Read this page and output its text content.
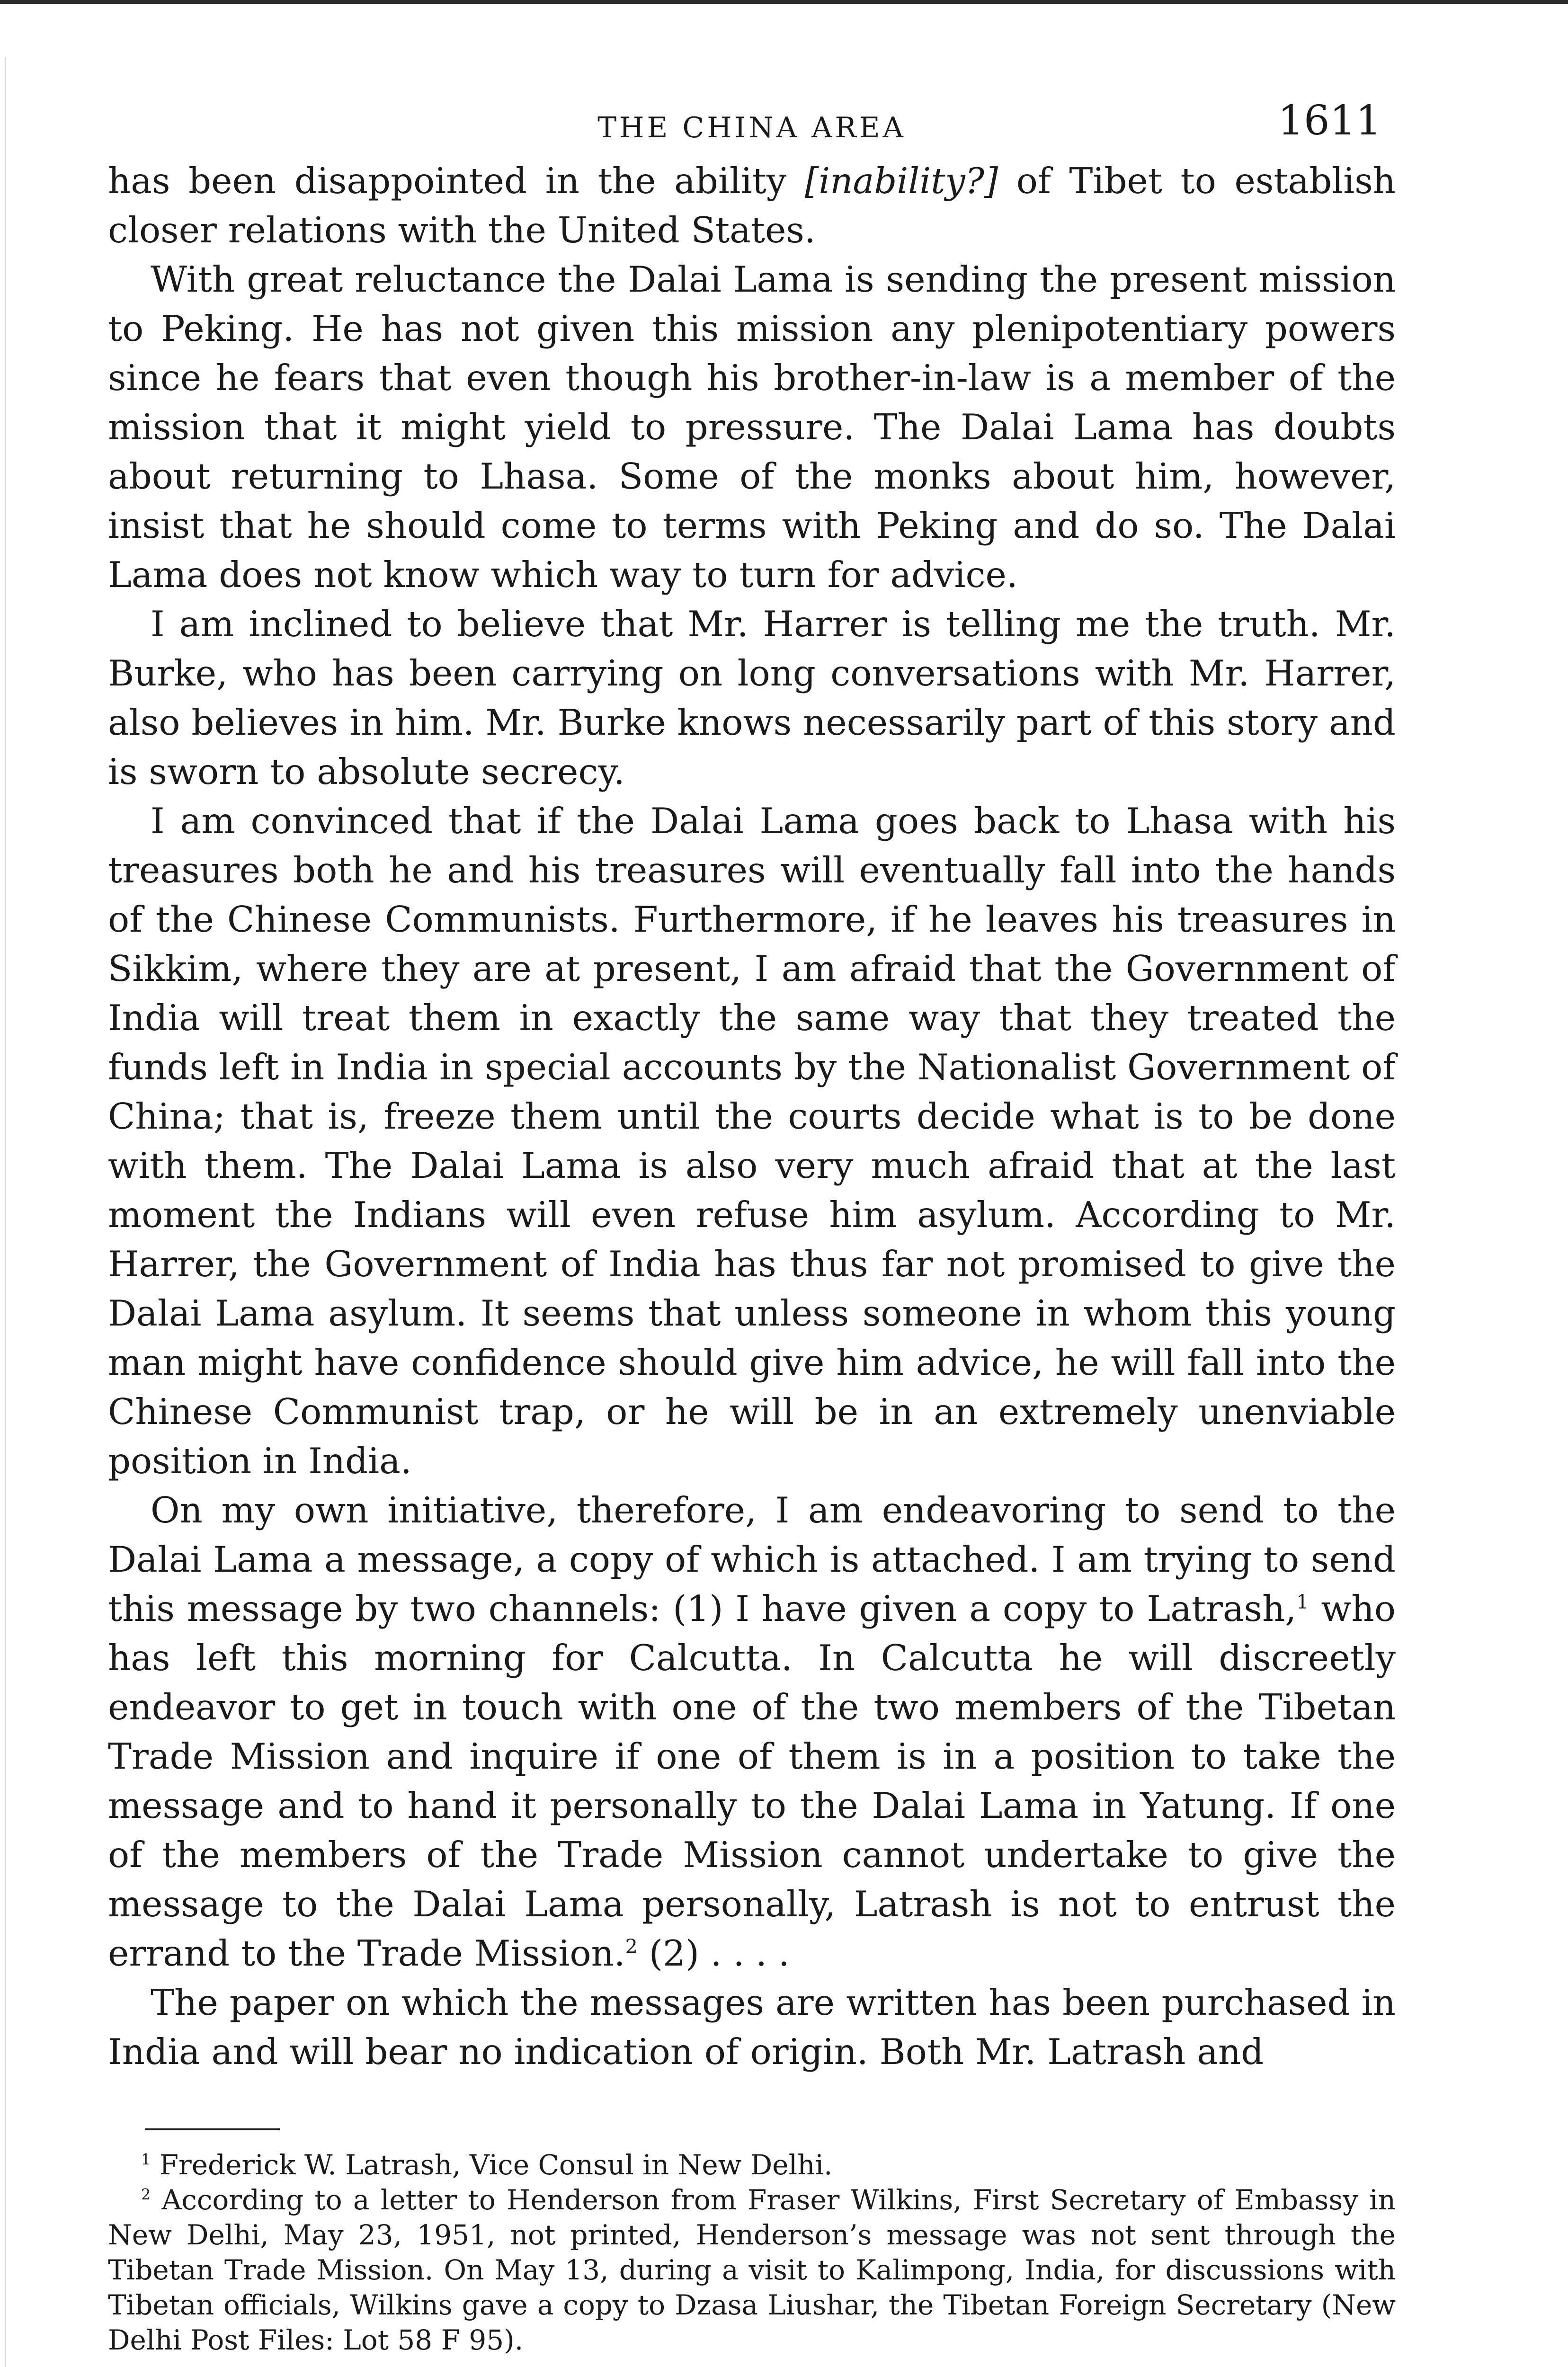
THE CHINA AREA	1611

has been disappointed in the ability [inability?] of Tibet to establish closer relations with the United States.

With great reluctance the Dalai Lama is sending the present mission to Peking. He has not given this mission any plenipotentiary powers since he fears that even though his brother-in-law is a member of the mission that it might yield to pressure. The Dalai Lama has doubts about returning to Lhasa. Some of the monks about him, however, insist that he should come to terms with Peking and do so. The Dalai Lama does not know which way to turn for advice.

I am inclined to believe that Mr. Harrer is telling me the truth. Mr. Burke, who has been carrying on long conversations with Mr. Harrer, also believes in him. Mr. Burke knows necessarily part of this story and is sworn to absolute secrecy.

I am convinced that if the Dalai Lama goes back to Lhasa with his treasures both he and his treasures will eventually fall into the hands of the Chinese Communists. Furthermore, if he leaves his treasures in Sikkim, where they are at present, I am afraid that the Government of India will treat them in exactly the same way that they treated the funds left in India in special accounts by the Nationalist Government of China; that is, freeze them until the courts decide what is to be done with them. The Dalai Lama is also very much afraid that at the last moment the Indians will even refuse him asylum. According to Mr. Harrer, the Government of India has thus far not promised to give the Dalai Lama asylum. It seems that unless someone in whom this young man might have confidence should give him advice, he will fall into the Chinese Communist trap, or he will be in an extremely unenviable position in India.

On my own initiative, therefore, I am endeavoring to send to the Dalai Lama a message, a copy of which is attached. I am trying to send this message by two channels: (1) I have given a copy to Latrash,$^1$ who has left this morning for Calcutta. In Calcutta he will discreetly endeavor to get in touch with one of the two members of the Tibetan Trade Mission and inquire if one of them is in a position to take the message and to hand it personally to the Dalai Lama in Yatung. If one of the members of the Trade Mission cannot undertake to give the message to the Dalai Lama personally, Latrash is not to entrust the errand to the Trade Mission.$^2$ (2) . . . .

The paper on which the messages are written has been purchased in India and will bear no indication of origin. Both Mr. Latrash and

$^1$ Frederick W. Latrash, Vice Consul in New Delhi.

$^2$ According to a letter to Henderson from Fraser Wilkins, First Secretary of Embassy in New Delhi, May 23, 1951, not printed, Henderson’s message was not sent through the Tibetan Trade Mission. On May 13, during a visit to Kalimpong, India, for discussions with Tibetan officials, Wilkins gave a copy to Dzasa Liushar, the Tibetan Foreign Secretary (New Delhi Post Files: Lot 58 F 95).
